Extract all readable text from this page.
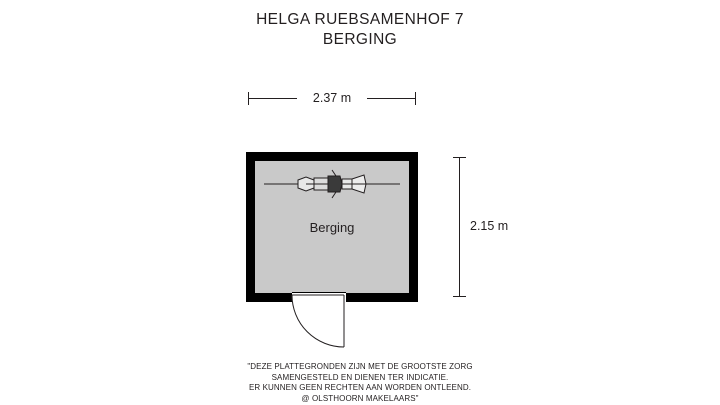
HELGA RUEBSAMENHOF 7
BERGING
2.37 m
2.15 m
Berging
"DEZE PLATTEGRONDEN ZIJN MET DE GROOTSTE ZORG
SAMENGESTELD EN DIENEN TER INDICATIE.
ER KUNNEN GEEN RECHTEN AAN WORDEN ONTLEEND.
@ OLSTHOORN MAKELAARS"
